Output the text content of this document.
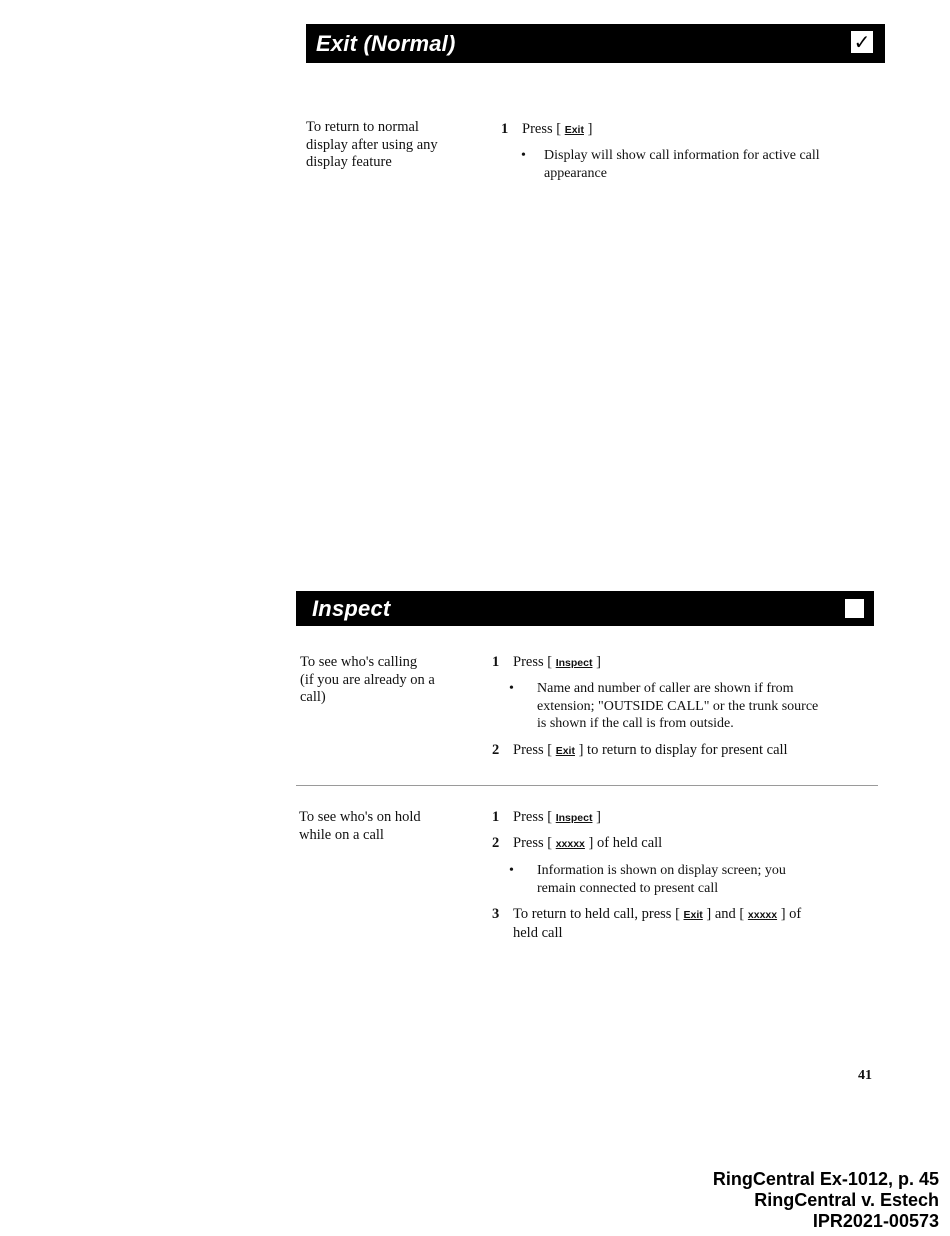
Exit (Normal)	✓
To return to normal
display after using any
display feature
1 Press [ Exit ]
• Display will show call information for active call
appearance
Inspect
To see who's calling
(if you are already on a
call)
1 Press [ Inspect ]
• Name and number of caller are shown if from
extension; "OUTSIDE CALL" or the trunk source
is shown if the call is from outside.
2 Press [ Exit ] to return to display for present call
To see who's on hold
while on a call
1 Press [ Inspect ]
2 Press [ xxxxx ] of held call
• Information is shown on display screen; you
remain connected to present call
3 To return to held call, press [ Exit ] and [ xxxxx ] of
held call
41
RingCentral Ex-1012, p. 45
RingCentral v. Estech
IPR2021-00573
